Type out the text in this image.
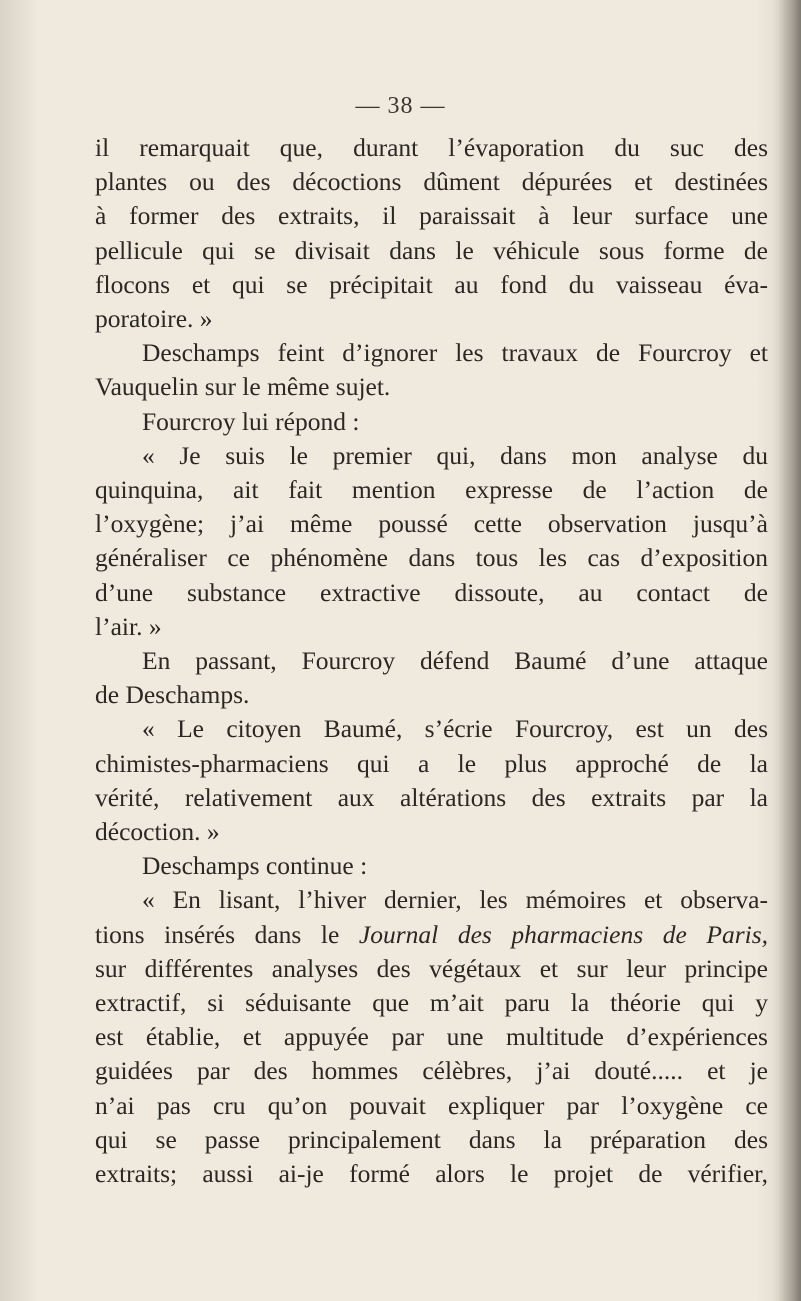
— 38 —
il remarquait que, durant l’évaporation du suc des
plantes ou des décoctions dûment dépurées et destinées
à former des extraits, il paraissait à leur surface une
pellicule qui se divisait dans le véhicule sous forme de
flocons et qui se précipitait au fond du vaisseau éva-
poratoire. »
Deschamps feint d’ignorer les travaux de Fourcroy et
Vauquelin sur le même sujet.
Fourcroy lui répond :
« Je suis le premier qui, dans mon analyse du
quinquina, ait fait mention expresse de l’action de
l’oxygène; j’ai même poussé cette observation jusqu’à
généraliser ce phénomène dans tous les cas d’exposition
d’une substance extractive dissoute, au contact de
l’air. »
En passant, Fourcroy défend Baumé d’une attaque
de Deschamps.
« Le citoyen Baumé, s’écrie Fourcroy, est un des
chimistes-pharmaciens qui a le plus approché de la
vérité, relativement aux altérations des extraits par la
décoction. »
Deschamps continue :
« En lisant, l’hiver dernier, les mémoires et observa-
tions insérés dans le Journal des pharmaciens de Paris,
sur différentes analyses des végétaux et sur leur principe
extractif, si séduisante que m’ait paru la théorie qui y
est établie, et appuyée par une multitude d’expériences
guidées par des hommes célèbres, j’ai douté..... et je
n’ai pas cru qu’on pouvait expliquer par l’oxygène ce
qui se passe principalement dans la préparation des
extraits; aussi ai-je formé alors le projet de vérifier,
